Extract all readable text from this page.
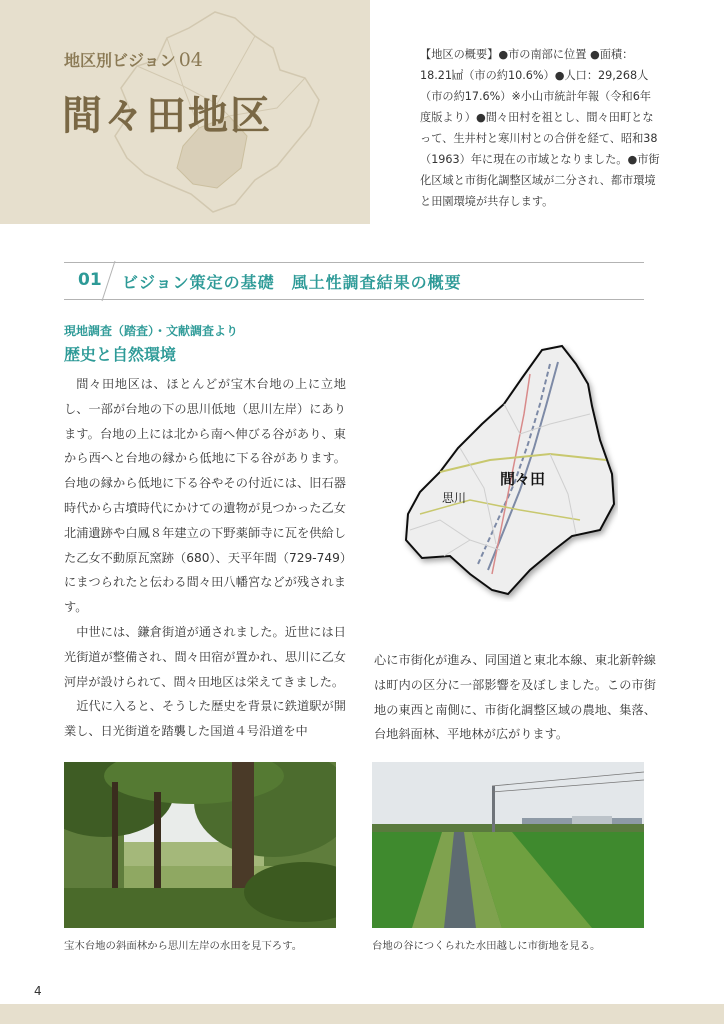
地区別ビジョン 04
間々田地区
【地区の概要】●市の南部に位置 ●面積：18.21㎢（市の約10.6%）●人口：29,268人（市の約17.6%）※小山市統計年報（令和6年度版より）●間々田村を祖とし、間々田町となって、生井村と寒川村との合併を経て、昭和38（1963）年に現在の市域となりました。●市街化区域と市街化調整区域が二分され、都市環境と田園環境が共存します。
01 ビジョン策定の基礎　風土性調査結果の概要
現地調査（踏査）・文献調査より
歴史と自然環境

間々田地区は、ほとんどが宝木台地の上に立地し、一部が台地の下の思川低地（思川左岸）にあります。台地の上には北から南へ伸びる谷があり、東から西へと台地の縁から低地に下る谷があります。台地の縁から低地に下る谷やその付近には、旧石器時代から古墳時代にかけての遺物が見つかった乙女北浦遺跡や白鳳８年建立の下野薬師寺に瓦を供給した乙女不動原瓦窯跡（680）、天平年間（729-749）にまつられたと伝わる間々田八幡宮などが残されます。

中世には、鎌倉街道が通されました。近世には日光街道が整備され、間々田宿が置かれ、思川に乙女河岸が設けられて、間々田地区は栄えてきました。

近代に入ると、そうした歴史を背景に鉄道駅が開業し、日光街道を踏襲した国道４号沿道を中

心に市街化が進み、同国道と東北本線、東北新幹線は町内の区分に一部影響を及ぼしました。この市街地の東西と南側に、市街化調整区域の農地、集落、台地斜面林、平地林が広がります。
間々田
思川
宝木台地の斜面林から思川左岸の水田を見下ろす。	台地の谷につくられた水田越しに市街地を見る。
4
